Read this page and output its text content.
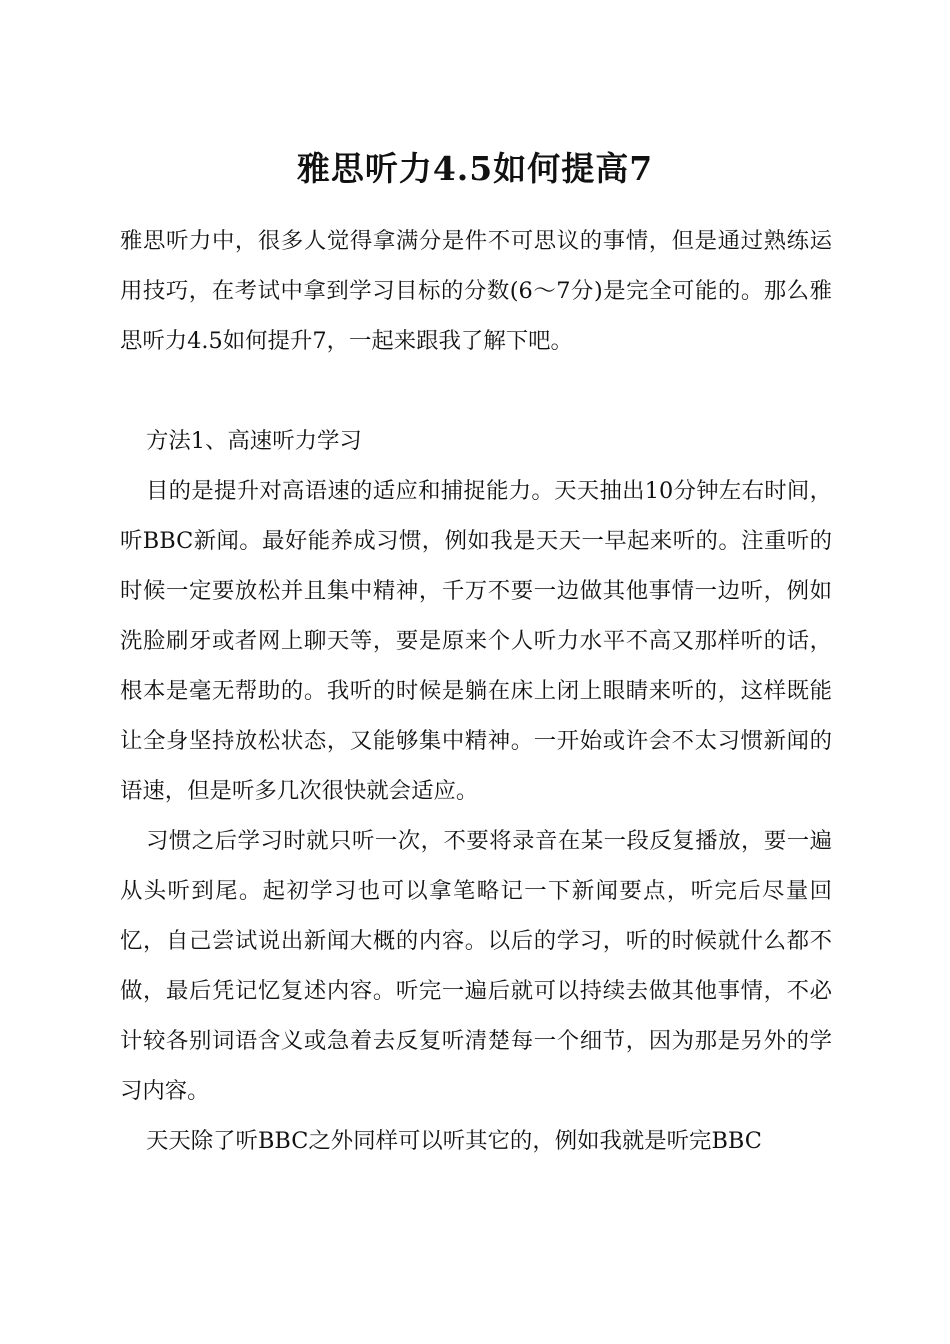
雅思听力4.5如何提高7

雅思听力中，很多人觉得拿满分是件不可思议的事情，但是通过熟练运用技巧，在考试中拿到学习目标的分数(6～7分)是完全可能的。那么雅思听力4.5如何提升7，一起来跟我了解下吧。

方法1、高速听力学习

目的是提升对高语速的适应和捕捉能力。天天抽出10分钟左右时间，听BBC新闻。最好能养成习惯，例如我是天天一早起来听的。注重听的时候一定要放松并且集中精神，千万不要一边做其他事情一边听，例如洗脸刷牙或者网上聊天等，要是原来个人听力水平不高又那样听的话，根本是毫无帮助的。我听的时候是躺在床上闭上眼睛来听的，这样既能让全身坚持放松状态，又能够集中精神。一开始或许会不太习惯新闻的语速，但是听多几次很快就会适应。

习惯之后学习时就只听一次，不要将录音在某一段反复播放，要一遍从头听到尾。起初学习也可以拿笔略记一下新闻要点，听完后尽量回忆，自己尝试说出新闻大概的内容。以后的学习，听的时候就什么都不做，最后凭记忆复述内容。听完一遍后就可以持续去做其他事情，不必计较各别词语含义或急着去反复听清楚每一个细节，因为那是另外的学习内容。

天天除了听BBC之外同样可以听其它的，例如我就是听完BBC
